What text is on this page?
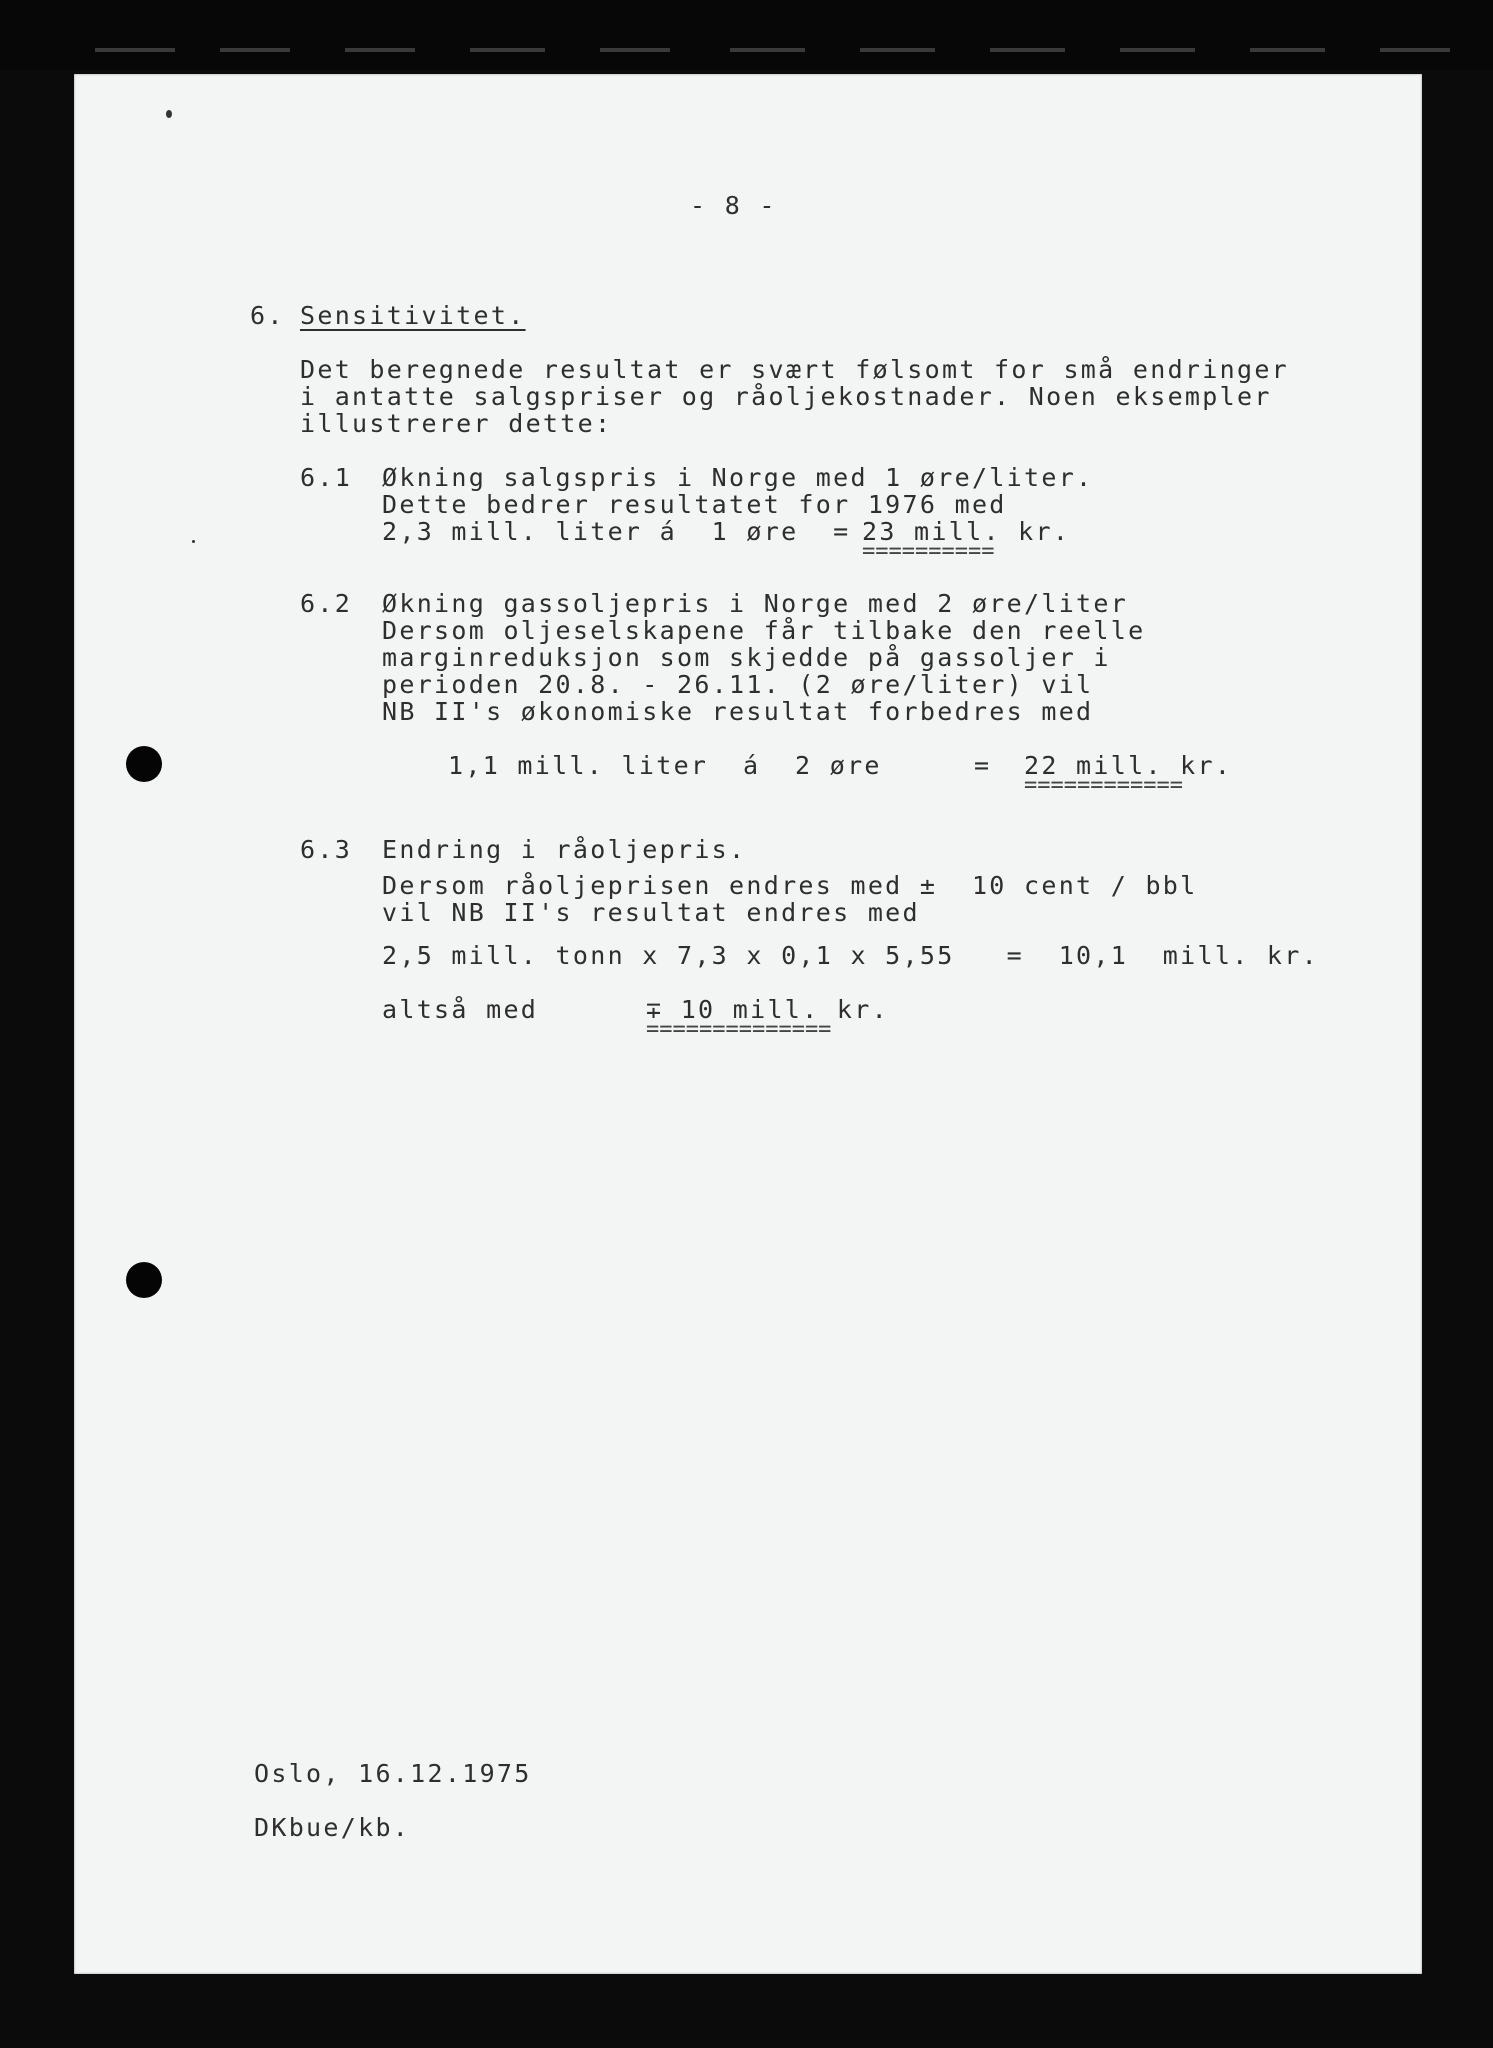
- 8 -
6. Sensitivitet.
Det beregnede resultat er svært følsomt for små endringer
i antatte salgspriser og råoljekostnader. Noen eksempler
illustrerer dette:
6.1 Økning salgspris i Norge med 1 øre/liter.
Dette bedrer resultatet for 1976 med
2,3 mill. liter á  1 øre  = 23 mill. kr.
==========
6.2 Økning gassoljepris i Norge med 2 øre/liter
Dersom oljeselskapene får tilbake den reelle
marginreduksjon som skjedde på gassoljer i
perioden 20.8. - 26.11. (2 øre/liter) vil
NB II's økonomiske resultat forbedres med
1,1 mill. liter  á  2 øre	= 22 mill. kr.
============
6.3 Endring i råoljepris.
Dersom råoljeprisen endres med ±  10 cent / bbl
vil NB II's resultat endres med
2,5 mill. tonn x 7,3 x 0,1 x 5,55   =  10,1  mill. kr.
altså med	∓ 10 mill. kr.
==============
Oslo, 16.12.1975
DKbue/kb.
